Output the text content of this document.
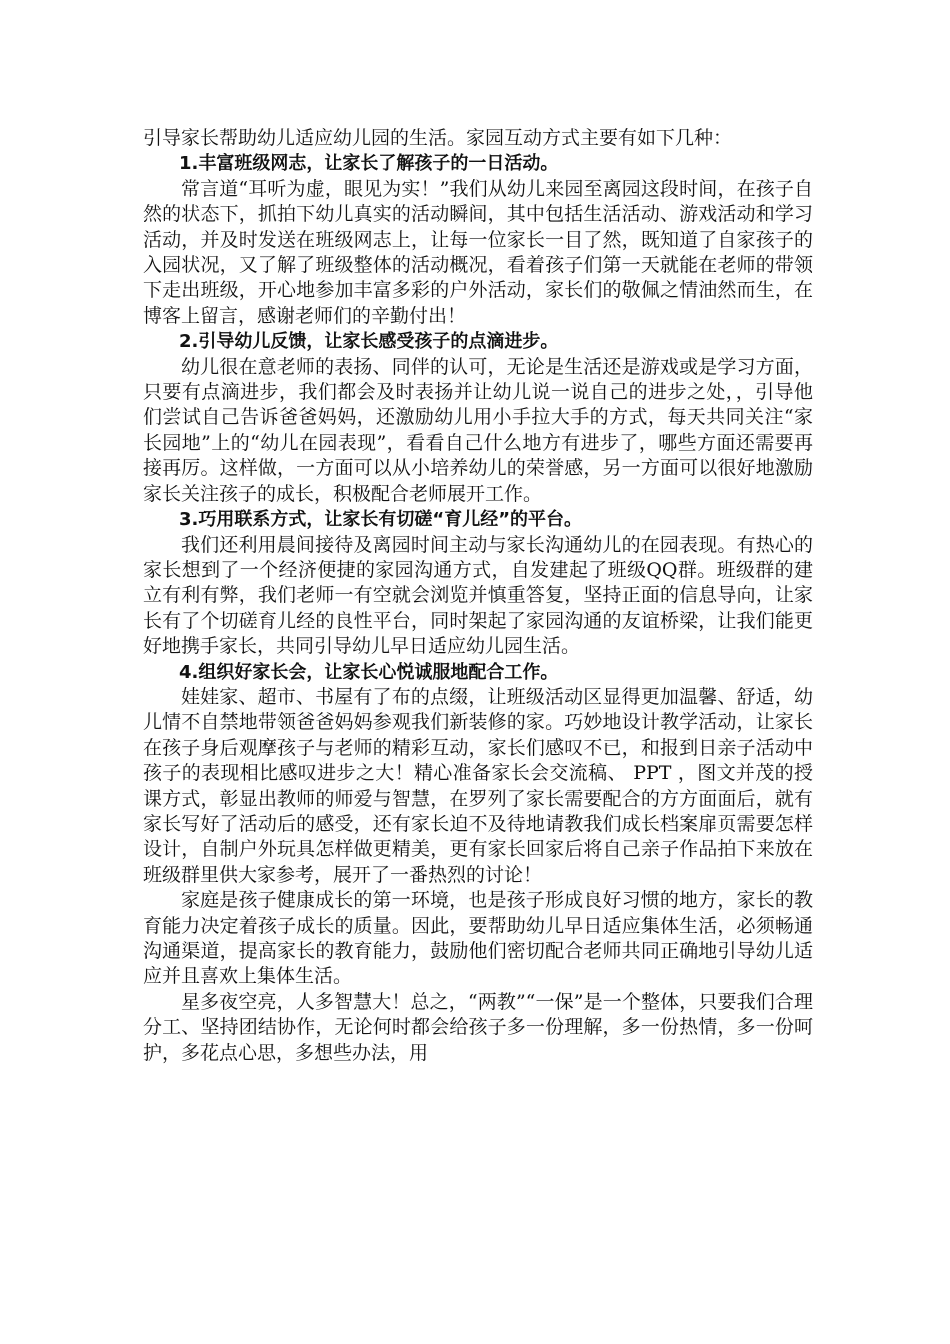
引导家长帮助幼儿适应幼儿园的生活。家园互动方式主要有如下几种：

1.丰富班级网志，让家长了解孩子的一日活动。

常言道“耳听为虚，眼见为实！”我们从幼儿来园至离园这段时间，在孩子自然的状态下，抓拍下幼儿真实的活动瞬间，其中包括生活活动、游戏活动和学习活动，并及时发送在班级网志上，让每一位家长一目了然，既知道了自家孩子的入园状况，又了解了班级整体的活动概况，看着孩子们第一天就能在老师的带领下走出班级，开心地参加丰富多彩的户外活动，家长们的敬佩之情油然而生，在博客上留言，感谢老师们的辛勤付出！

2.引导幼儿反馈，让家长感受孩子的点滴进步。

幼儿很在意老师的表扬、同伴的认可，无论是生活还是游戏或是学习方面，只要有点滴进步，我们都会及时表扬并让幼儿说一说自己的进步之处，，引导他们尝试自己告诉爸爸妈妈，还激励幼儿用小手拉大手的方式，每天共同关注“家长园地”上的“幼儿在园表现”，看看自己什么地方有进步了，哪些方面还需要再接再厉。这样做，一方面可以从小培养幼儿的荣誉感，另一方面可以很好地激励家长关注孩子的成长，积极配合老师展开工作。

3.巧用联系方式，让家长有切磋“育儿经”的平台。

我们还利用晨间接待及离园时间主动与家长沟通幼儿的在园表现。有热心的家长想到了一个经济便捷的家园沟通方式，自发建起了班级QQ群。班级群的建立有利有弊，我们老师一有空就会浏览并慎重答复，坚持正面的信息导向，让家长有了个切磋育儿经的良性平台，同时架起了家园沟通的友谊桥梁，让我们能更好地携手家长，共同引导幼儿早日适应幼儿园生活。

4.组织好家长会，让家长心悦诚服地配合工作。

娃娃家、超市、书屋有了布的点缀，让班级活动区显得更加温馨、舒适，幼儿情不自禁地带领爸爸妈妈参观我们新装修的家。巧妙地设计教学活动，让家长在孩子身后观摩孩子与老师的精彩互动，家长们感叹不已，和报到日亲子活动中孩子的表现相比感叹进步之大！精心准备家长会交流稿、 PPT ，图文并茂的授课方式，彰显出教师的师爱与智慧，在罗列了家长需要配合的方方面面后，就有家长写好了活动后的感受，还有家长迫不及待地请教我们成长档案扉页需要怎样设计，自制户外玩具怎样做更精美，更有家长回家后将自己亲子作品拍下来放在班级群里供大家参考，展开了一番热烈的讨论！

家庭是孩子健康成长的第一环境，也是孩子形成良好习惯的地方，家长的教育能力决定着孩子成长的质量。因此，要帮助幼儿早日适应集体生活，必须畅通沟通渠道，提高家长的教育能力，鼓励他们密切配合老师共同正确地引导幼儿适应并且喜欢上集体生活。

星多夜空亮，人多智慧大！总之，“两教”“一保”是一个整体，只要我们合理分工、坚持团结协作，无论何时都会给孩子多一份理解，多一份热情，多一份呵护，多花点心思，多想些办法，用
